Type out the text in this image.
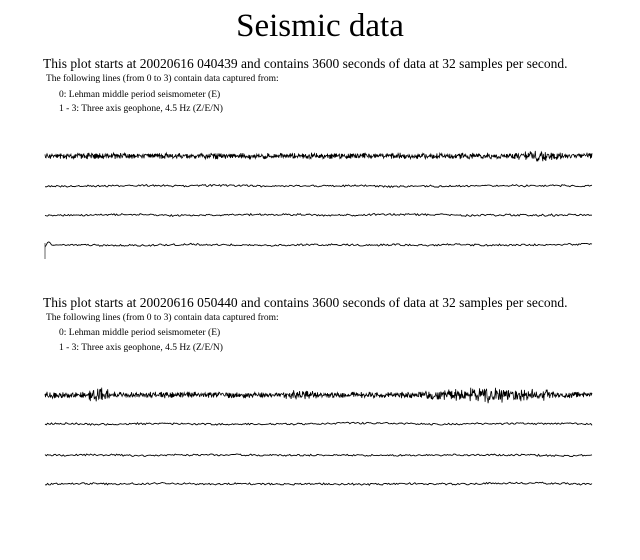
Seismic data
This plot starts at 20020616 040439 and contains 3600 seconds of data at 32 samples per second.
The following lines (from 0 to 3) contain data captured from:
0: Lehman middle period seismometer (E)
1 - 3: Three axis geophone, 4.5 Hz (Z/E/N)
This plot starts at 20020616 050440 and contains 3600 seconds of data at 32 samples per second.
The following lines (from 0 to 3) contain data captured from:
0: Lehman middle period seismometer (E)
1 - 3: Three axis geophone, 4.5 Hz (Z/E/N)
